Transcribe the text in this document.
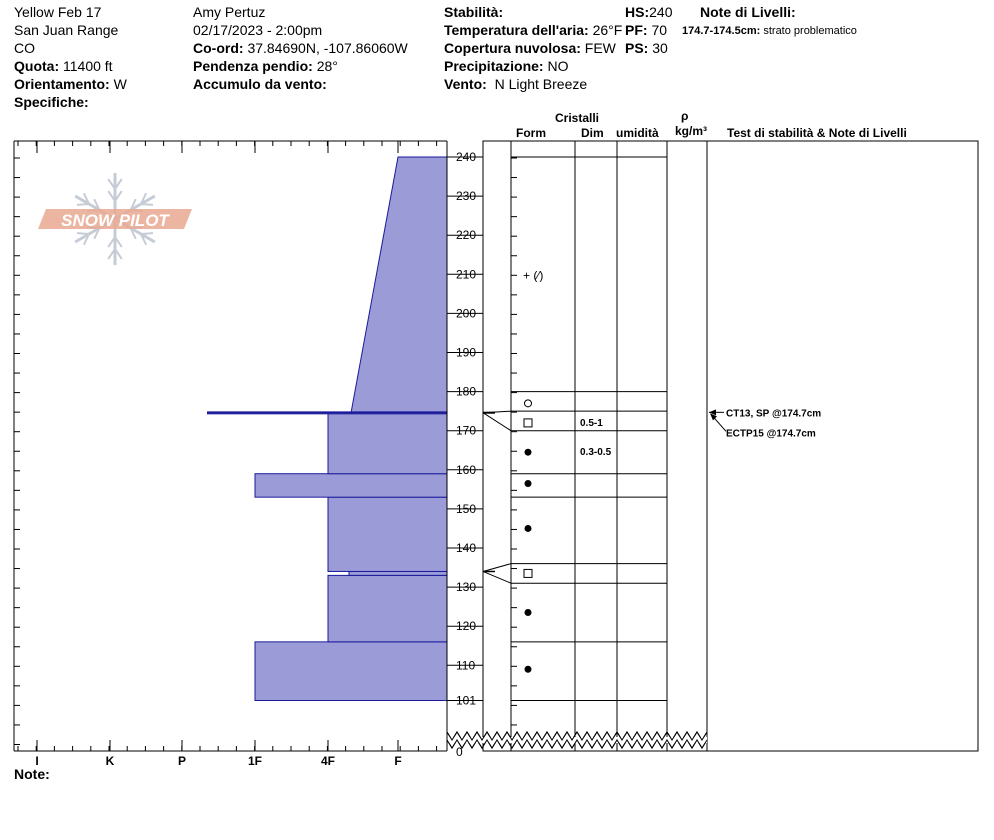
Yellow Feb 17
San Juan Range
CO
Quota: 11400 ft
Orientamento: W
Specifiche:
Amy Pertuz
02/17/2023 - 2:00pm
Co-ord: 37.84690N, -107.86060W
Pendenza pendio: 28°
Accumulo da vento:
Stabilità:
Temperatura dell'aria: 26°F
Copertura nuvolosa: FEW
Precipitazione: NO
Vento: N Light Breeze
HS:240
PF: 70
PS: 30
Note di Livelli:
174.7-174.5cm: strato problematico
Cristalli
Form	Dim umidità
ρ
kg/m³ Test di stabilità & Note di Livelli
Note:
SNOW PILOT
I	K	P	1F	4F	F
101
110
120
130
140
150
160
170
180
190
200
210
220
230
240
0
0.3-0.5
0.5-1
+ (⁄)
CT13, SP @174.7cm
ECTP15 @174.7cm
